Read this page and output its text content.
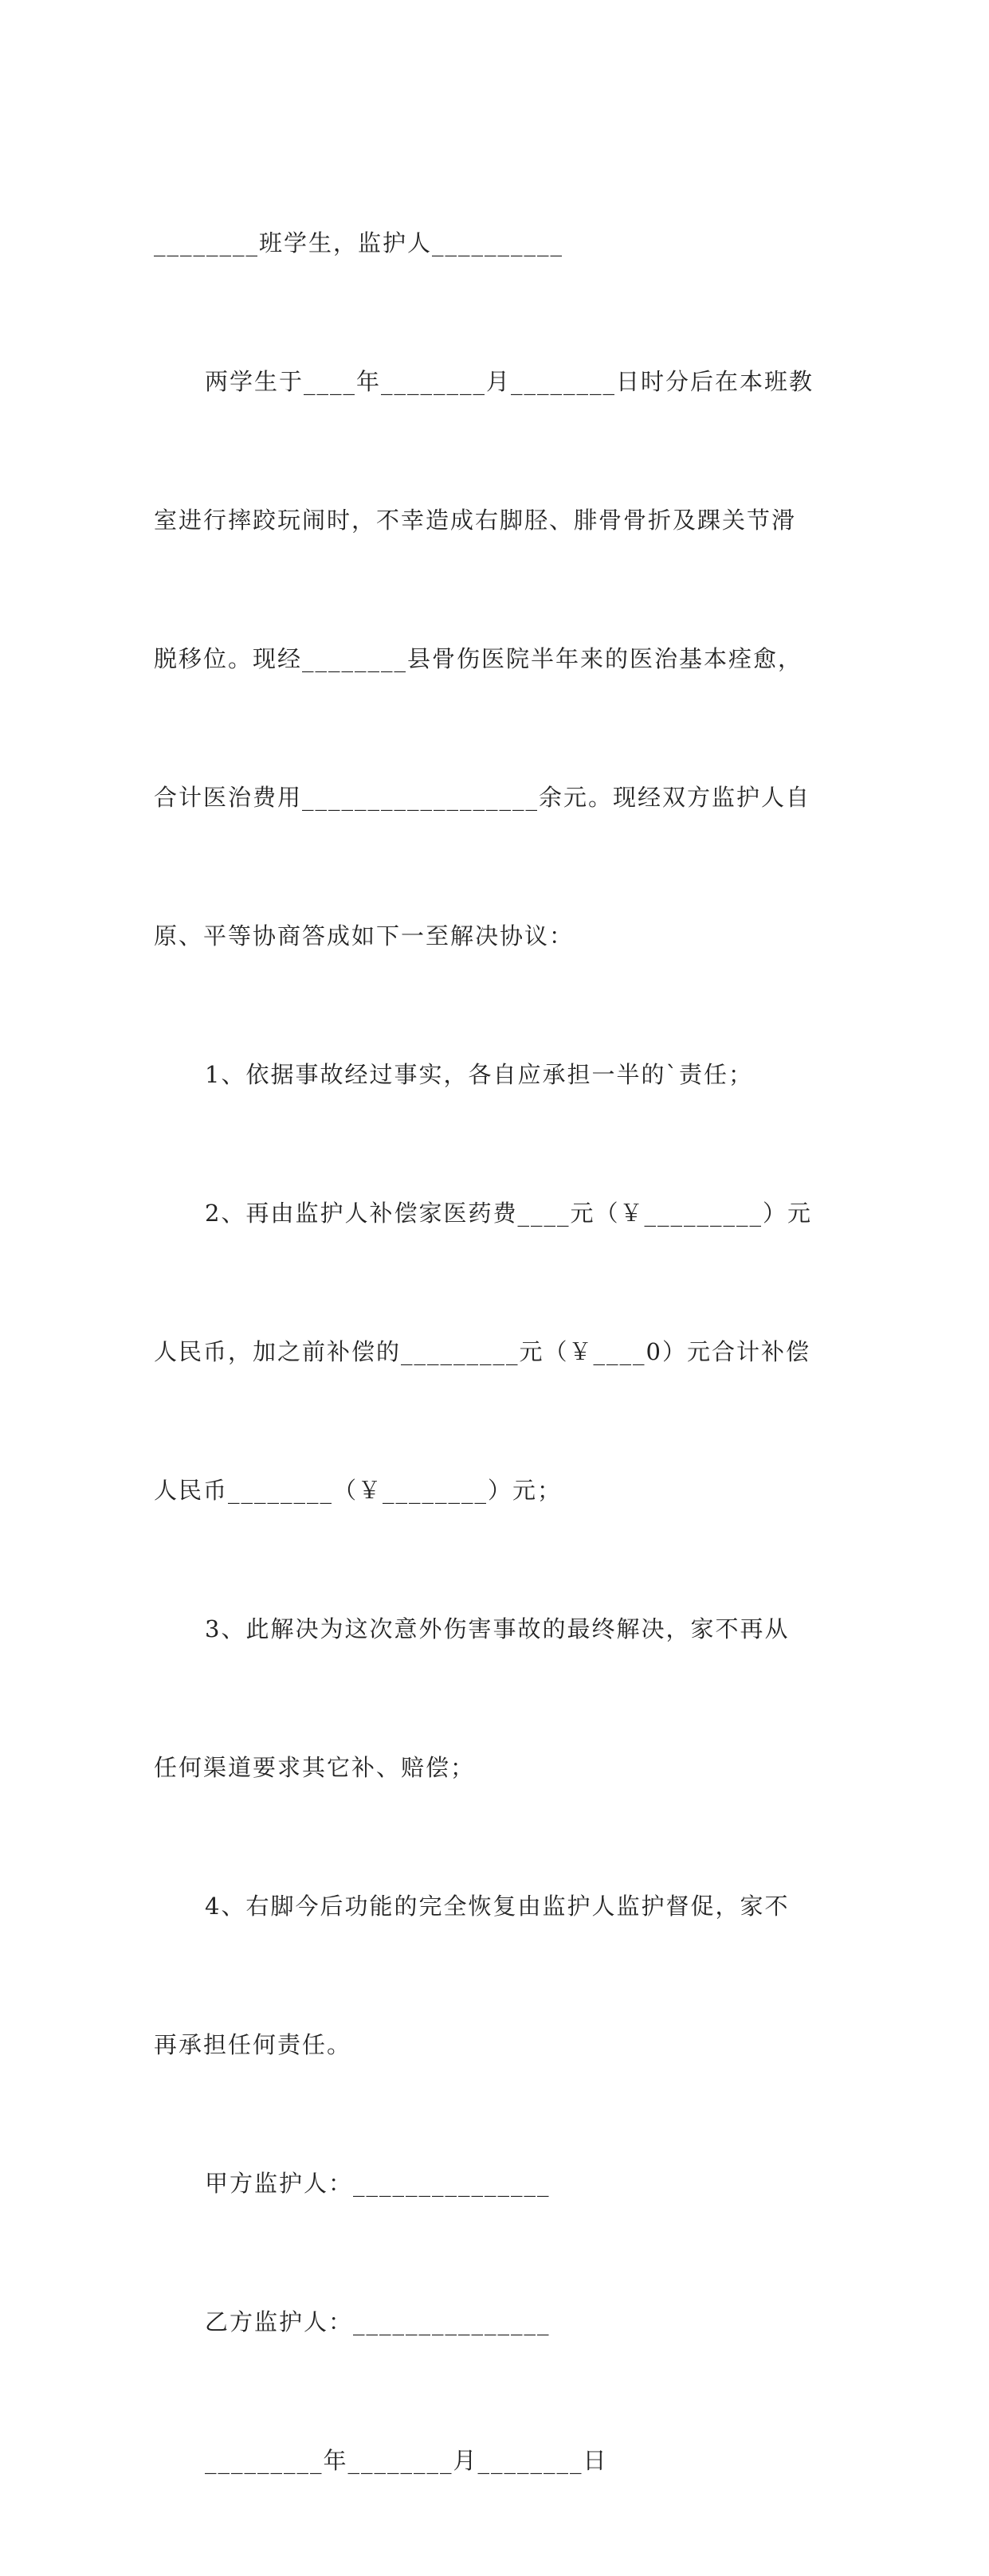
________班学生，监护人__________

两学生于____年________月________日时分后在本班教

室进行摔跤玩闹时，不幸造成右脚胫、腓骨骨折及踝关节滑

脱移位。现经________县骨伤医院半年来的医治基本痊愈，

合计医治费用__________________余元。现经双方监护人自

原、平等协商答成如下一至解决协议：

1、依据事故经过事实，各自应承担一半的`责任；

2、再由监护人补偿家医药费____元（￥_________）元

人民币，加之前补偿的_________元（￥____0）元合计补偿

人民币________（￥________）元；

3、此解决为这次意外伤害事故的最终解决，家不再从

任何渠道要求其它补、赔偿；

4、右脚今后功能的完全恢复由监护人监护督促，家不

再承担任何责任。

甲方监护人：_______________

乙方监护人：_______________

_________年________月________日
